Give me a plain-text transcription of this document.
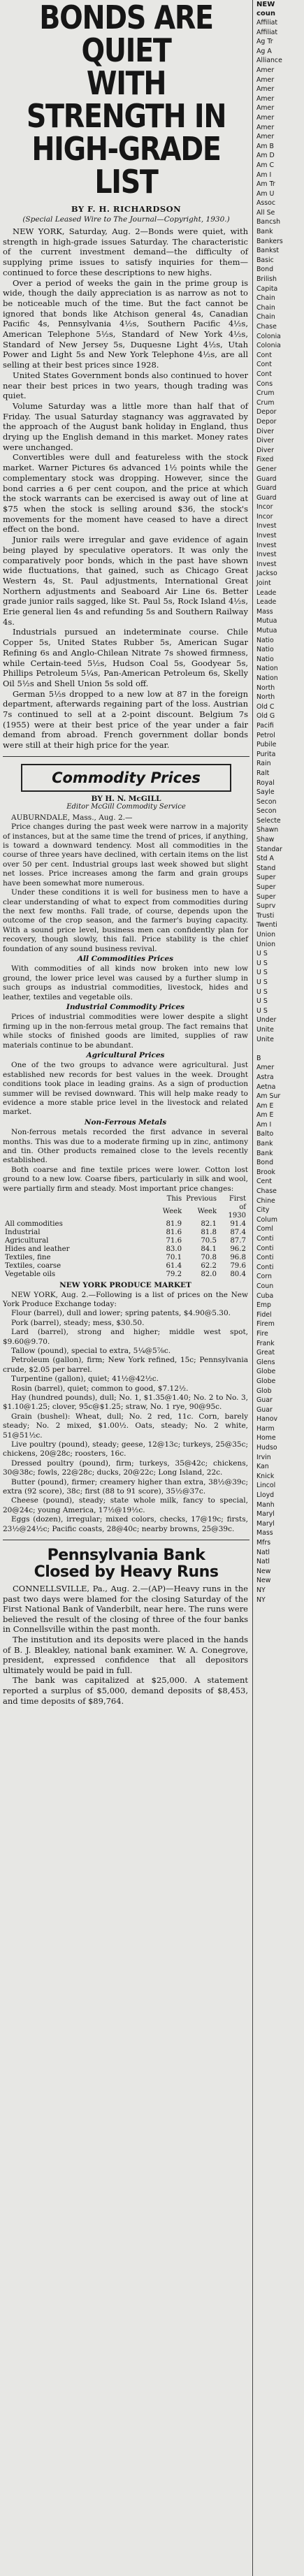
BONDS ARE QUIET
WITH STRENGTH IN
HIGH-GRADE LIST
BY F. H. RICHARDSON
(Special Leased Wire to The Journal—Copyright, 1930.)

NEW YORK, Saturday, Aug. 2—Bonds were quiet, with strength in high-grade issues Saturday. The characteristic of the current investment demand—the difficulty of supplying prime issues to satisfy inquiries for them—continued to force these descriptions to new highs.

Over a period of weeks the gain in the prime group is wide, though the daily appreciation is as narrow as not to be noticeable much of the time. But the fact cannot be ignored that bonds like Atchison general 4s, Canadian Pacific 4s, Pennsylvania 4½s, Southern Pacific 4½s, American Telephone 5½s, Standard of New York 4½s, Standard of New Jersey 5s, Duquesne Light 4½s, Utah Power and Light 5s and New York Telephone 4½s, are all selling at their best prices since 1928.

United States Government bonds also continued to hover near their best prices in two years, though trading was quiet.

Volume Saturday was a little more than half that of Friday. The usual Saturday stagnancy was aggravated by the approach of the August bank holiday in England, thus drying up the English demand in this market. Money rates were unchanged.

Convertibles were dull and featureless with the stock market. Warner Pictures 6s advanced 1½ points while the complementary stock was dropping. However, since the bond carries a 6 per cent coupon, and the price at which the stock warrants can be exercised is away out of line at $75 when the stock is selling around $36, the stock's movements for the moment have ceased to have a direct effect on the bond.

Junior rails were irregular and gave evidence of again being played by speculative operators. It was only the comparatively poor bonds, which in the past have shown wide fluctuations, that gained, such as Chicago Great Western 4s, St. Paul adjustments, International Great Northern adjustments and Seaboard Air Line 6s. Better grade junior rails sagged, like St. Paul 5s, Rock Island 4½s, Erie general lien 4s and refunding 5s and Southern Railway 4s.

Industrials pursued an indeterminate course. Chile Copper 5s, United States Rubber 5s, American Sugar Refining 6s and Anglo-Chilean Nitrate 7s showed firmness, while Certain-teed 5½s, Hudson Coal 5s, Goodyear 5s, Phillips Petroleum 5¼s, Pan-American Petroleum 6s, Skelly Oil 5½s and Shell Union 5s sold off.

German 5½s dropped to a new low at 87 in the foreign department, afterwards regaining part of the loss. Austrian 7s continued to sell at a 2-point discount. Belgium 7s (1955) were at their best price of the year under a fair demand from abroad. French government dollar bonds were still at their high price for the year.

Commodity Prices
BY H. N. McGILL
Editor McGill Commodity Service

AUBURNDALE, Mass., Aug. 2.—

Price changes during the past week were narrow in a majority of instances, but at the same time the trend of prices, if anything, is toward a downward tendency. Most all commodities in the course of three years have declined, with certain items on the list over 50 per cent. Industrial groups last week showed but slight net losses. Price increases among the farm and grain groups have been somewhat more numerous.

Under these conditions it is well for business men to have a clear understanding of what to expect from commodities during the next few months. Fall trade, of course, depends upon the outcome of the crop season, and the farmer's buying capacity. With a sound price level, business men can confidently plan for recovery, though slowly, this fall. Price stability is the chief foundation of any sound business revival.

All Commodities Prices

With commodities of all kinds now broken into new low ground, the lower price level was caused by a further slump in such groups as industrial commodities, livestock, hides and leather, textiles and vegetable oils.

Industrial Commodity Prices

Prices of industrial commodities were lower despite a slight firming up in the non-ferrous metal group. The fact remains that while stocks of finished goods are limited, supplies of raw materials continue to be abundant.

Agricultural Prices

One of the two groups to advance were agricultural. Just established new records for best values in the week. Drought conditions took place in leading grains. As a sign of production summer will be revised downward. This will help make ready to evidence a more stable price level in the livestock and related market.

Non-Ferrous Metals

Non-ferrous metals recorded the first advance in several months. This was due to a moderate firming up in zinc, antimony and tin. Other products remained close to the levels recently established.

Both coarse and fine textile prices were lower. Cotton lost ground to a new low. Coarse fibers, particularly in silk and wool, were partially firm and steady. Most important price changes:

	This	Previous	First
	Week	Week	of 1930
All commodities	81.9	82.1	91.4
Industrial	81.6	81.8	87.4
Agricultural	71.6	70.5	87.7
Hides and leather	83.0	84.1	96.2
Textiles, fine	70.1	70.8	96.8
Textiles, coarse	61.4	62.2	79.6
Vegetable oils	79.2	82.0	80.4
NEW YORK PRODUCE MARKET

NEW YORK, Aug. 2.—Following is a list of prices on the New York Produce Exchange today:

Flour (barrel), dull and lower; spring patents, $4.90@5.30.

Pork (barrel), steady; mess, $30.50.

Lard (barrel), strong and higher; middle west spot, $9.60@9.70.

Tallow (pound), special to extra, 5¼@5⅞c.

Petroleum (gallon), firm; New York refined, 15c; Pennsylvania crude, $2.05 per barrel.

Turpentine (gallon), quiet; 41½@42½c.

Rosin (barrel), quiet; common to good, $7.12½.

Hay (hundred pounds), dull; No. 1, $1.35@1.40; No. 2 to No. 3, $1.10@1.25; clover, 95c@$1.25; straw, No. 1 rye, 90@95c.

Grain (bushel): Wheat, dull; No. 2 red, 11c. Corn, barely steady; No. 2 mixed, $1.00½. Oats, steady; No. 2 white, 51@51½c.

Live poultry (pound), steady; geese, 12@13c; turkeys, 25@35c; chickens, 20@28c; roosters, 16c.

Dressed poultry (pound), firm; turkeys, 35@42c; chickens, 30@38c; fowls, 22@28c; ducks, 20@22c; Long Island, 22c.

Butter (pound), firmer; creamery higher than extra, 38½@39c; extra (92 score), 38c; first (88 to 91 score), 35½@37c.

Cheese (pound), steady; state whole milk, fancy to special, 20@24c; young America, 17½@19½c.

Eggs (dozen), irregular; mixed colors, checks, 17@19c; firsts, 23½@24½c; Pacific coasts, 28@40c; nearby browns, 25@39c.

Pennsylvania Bank
Closed by Heavy Runs

CONNELLSVILLE, Pa., Aug. 2.—(AP)—Heavy runs in the past two days were blamed for the closing Saturday of the First National Bank of Vanderbilt, near here. The runs were believed the result of the closing of three of the four banks in Connellsville within the past month.

The institution and its deposits were placed in the hands of B. J. Bleakley, national bank examiner. W. A. Conegrove, president, expressed confidence that all depositors ultimately would be paid in full.

The bank was capitalized at $25,000. A statement reported a surplus of $5,000, demand deposits of $8,453, and time deposits of $89,764.

NEW
coun
Affiliat
Affiliat
Ag Tr
Ag A
Alliance
Amer
Amer
Amer
Amer
Amer
Amer
Amer
Amer
Am B
Am D
Am C
Am I
Am Tr
Am U
Assoc
All Se
Bancsh
Bank
Bankers
Bankst
Basic
Bond
Brilish
Capita
Chain
Chain
Chain
Chase
Colonia
Colonia
Cont
Cont
Cont
Cons
Crum
Crum
Depor
Depor
Diver
Diver
Diver
Fixed
Gener
Guard
Guard
Guard
Incor
Incor
Invest
Invest
Invest
Invest
Invest
Jackso
Joint
Leade
Leade
Mass
Mutua
Mutua
Natio
Natio
Natio
Nation
Nation
North
North
Old C
Old G
Pacifi
Petrol
Pubile
Purita
Rain
Ralt
Royal
Sayle
Secon
Secon
Selecte
Shawn
Shaw
Standar
Std A
Stand
Super
Super
Super
Suprv
Trusti
Twenti
Union
Union
U S
U S
U S
U S
U S
U S
U S
Under
Unite
Unite

B
Amer
Astra
Aetna
Am Sur
Am E
Am E
Am I
Balto
Bank
Bank
Bond
Brook
Cent
Chase
Chine
City
Colum
Coml
Conti
Conti
Conti
Conti
Corn
Coun
Cuba
Emp
Fidel
Firem
Fire
Frank
Great
Glens
Globe
Globe
Glob
Guar
Guar
Hanov
Harm
Home
Hudso
Irvin
Kan
Knick
Lincol
Lloyd
Manh
Maryl
Maryl
Mass
Mfrs
Natl
Natl
New
New
NY
NY
